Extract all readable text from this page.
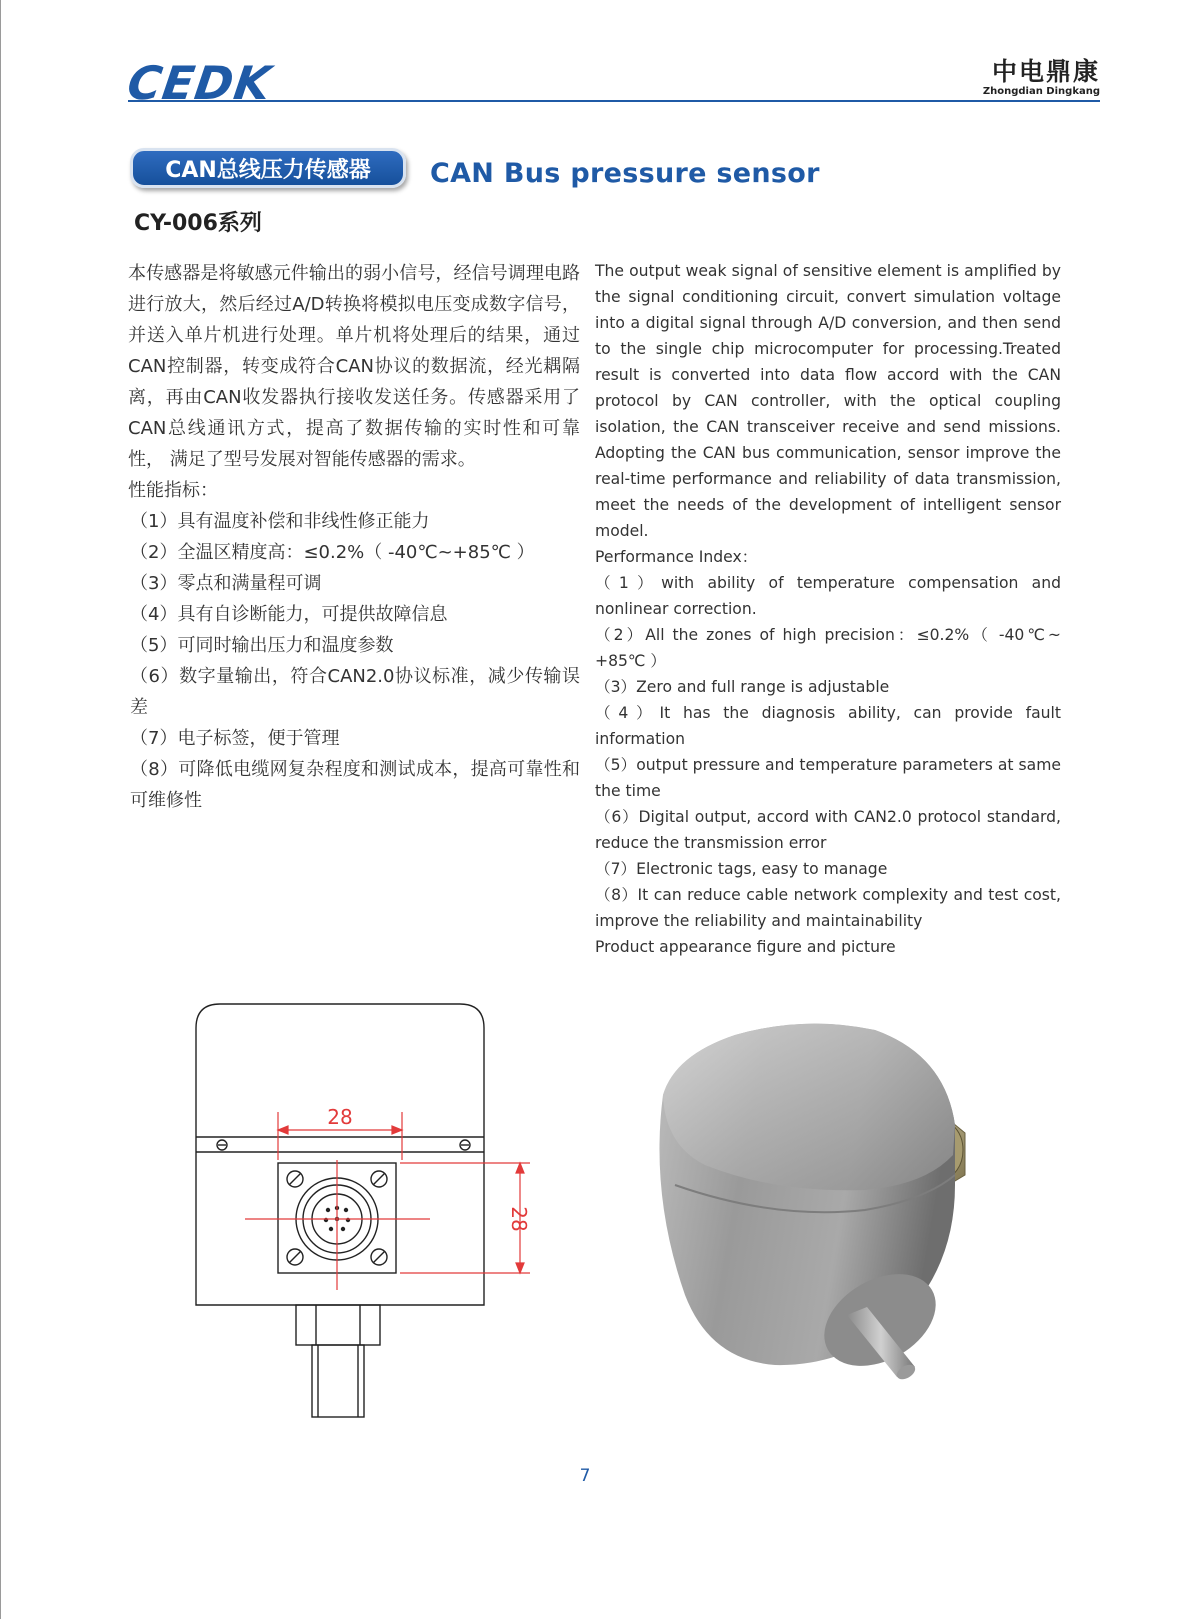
CEDK	中电鼎康
Zhongdian Dingkang
CAN总线压力传感器	CAN Bus pressure sensor
CY-006系列

本传感器是将敏感元件输出的弱小信号，经信号调理电路进行放大，然后经过A/D转换将模拟电压变成数字信号，并送入单片机进行处理。单片机将处理后的结果，通过CAN控制器，转变成符合CAN协议的数据流，经光耦隔离，再由CAN收发器执行接收发送任务。传感器采用了CAN总线通讯方式，提高了数据传输的实时性和可靠性， 满足了型号发展对智能传感器的需求。

性能指标：

（1）具有温度补偿和非线性修正能力

（2）全温区精度高：≤0.2%（ -40℃~+85℃ ）

（3）零点和满量程可调

（4）具有自诊断能力，可提供故障信息

（5）可同时输出压力和温度参数

（6）数字量输出，符合CAN2.0协议标准，减少传输误差

（7）电子标签，便于管理

（8）可降低电缆网复杂程度和测试成本，提高可靠性和可维修性

The output weak signal of sensitive element is amplified by the signal conditioning circuit, convert simulation voltage into a digital signal through A/D conversion, and then send to the single chip microcomputer for processing.Treated result is converted into data flow accord with the CAN protocol by CAN controller, with the optical coupling isolation, the CAN transceiver receive and send missions. Adopting the CAN bus communication, sensor improve the real-time performance and reliability of data transmission, meet the needs of the development of intelligent sensor model.

Performance Index：

（1）with ability of temperature compensation and nonlinear correction.

（2）All the zones of high precision：≤0.2%（ -40℃~ +85℃ ）

（3）Zero and full range is adjustable

（4）It has the diagnosis ability, can provide fault information

（5）output pressure and temperature parameters at same the time

（6）Digital output, accord with CAN2.0 protocol standard, reduce the transmission error

（7）Electronic tags, easy to manage

（8）It can reduce cable network complexity and test cost, improve the reliability and maintainability

Product appearance figure and picture

28
28
7
